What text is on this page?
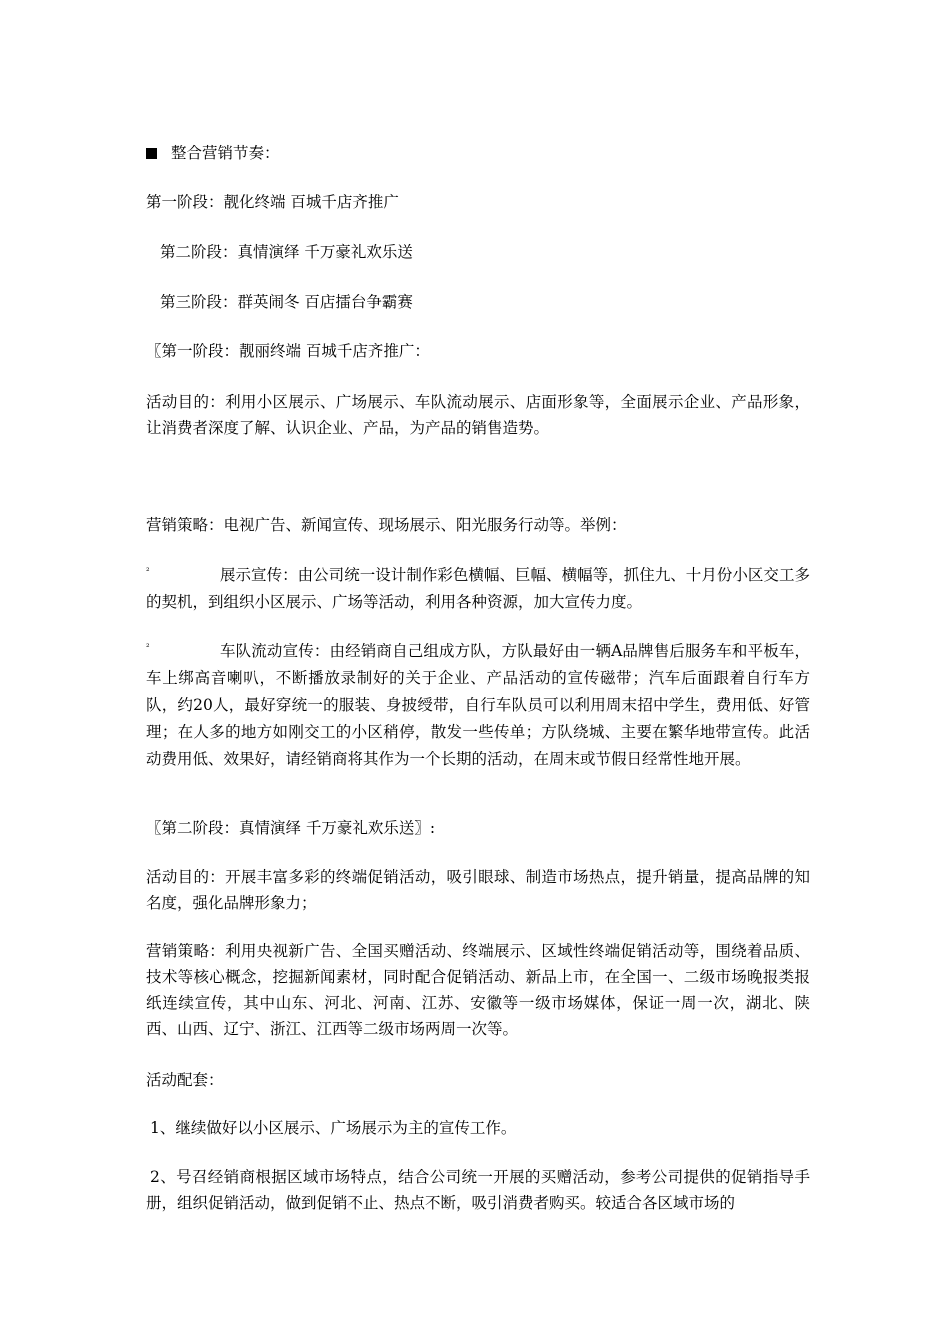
整合营销节奏：
第一阶段：靓化终端 百城千店齐推广
第二阶段：真情演绎 千万豪礼欢乐送
第三阶段：群英闹冬 百店擂台争霸赛
〖第一阶段：靓丽终端 百城千店齐推广：
活动目的：利用小区展示、广场展示、车队流动展示、店面形象等，全面展示企业、产品形象，让消费者深度了解、认识企业、产品，为产品的销售造势。
营销策略：电视广告、新闻宣传、现场展示、阳光服务行动等。举例：
²	展示宣传：由公司统一设计制作彩色横幅、巨幅、横幅等，抓住九、十月份小区交工多的契机，到组织小区展示、广场等活动，利用各种资源，加大宣传力度。
²	车队流动宣传：由经销商自己组成方队，方队最好由一辆A品牌售后服务车和平板车，车上绑高音喇叭，不断播放录制好的关于企业、产品活动的宣传磁带；汽车后面跟着自行车方队，约20人，最好穿统一的服装、身披绶带，自行车队员可以利用周末招中学生，费用低、好管理；在人多的地方如刚交工的小区稍停，散发一些传单；方队绕城、主要在繁华地带宣传。此活动费用低、效果好，请经销商将其作为一个长期的活动，在周末或节假日经常性地开展。
〖第二阶段：真情演绎 千万豪礼欢乐送〗:
活动目的：开展丰富多彩的终端促销活动，吸引眼球、制造市场热点，提升销量，提高品牌的知名度，强化品牌形象力；
营销策略：利用央视新广告、全国买赠活动、终端展示、区域性终端促销活动等，围绕着品质、技术等核心概念，挖掘新闻素材，同时配合促销活动、新品上市，在全国一、二级市场晚报类报纸连续宣传，其中山东、河北、河南、江苏、安徽等一级市场媒体，保证一周一次，湖北、陕西、山西、辽宁、浙江、江西等二级市场两周一次等。
活动配套：
1、继续做好以小区展示、广场展示为主的宣传工作。
2、号召经销商根据区域市场特点，结合公司统一开展的买赠活动，参考公司提供的促销指导手册，组织促销活动，做到促销不止、热点不断，吸引消费者购买。较适合各区域市场的
